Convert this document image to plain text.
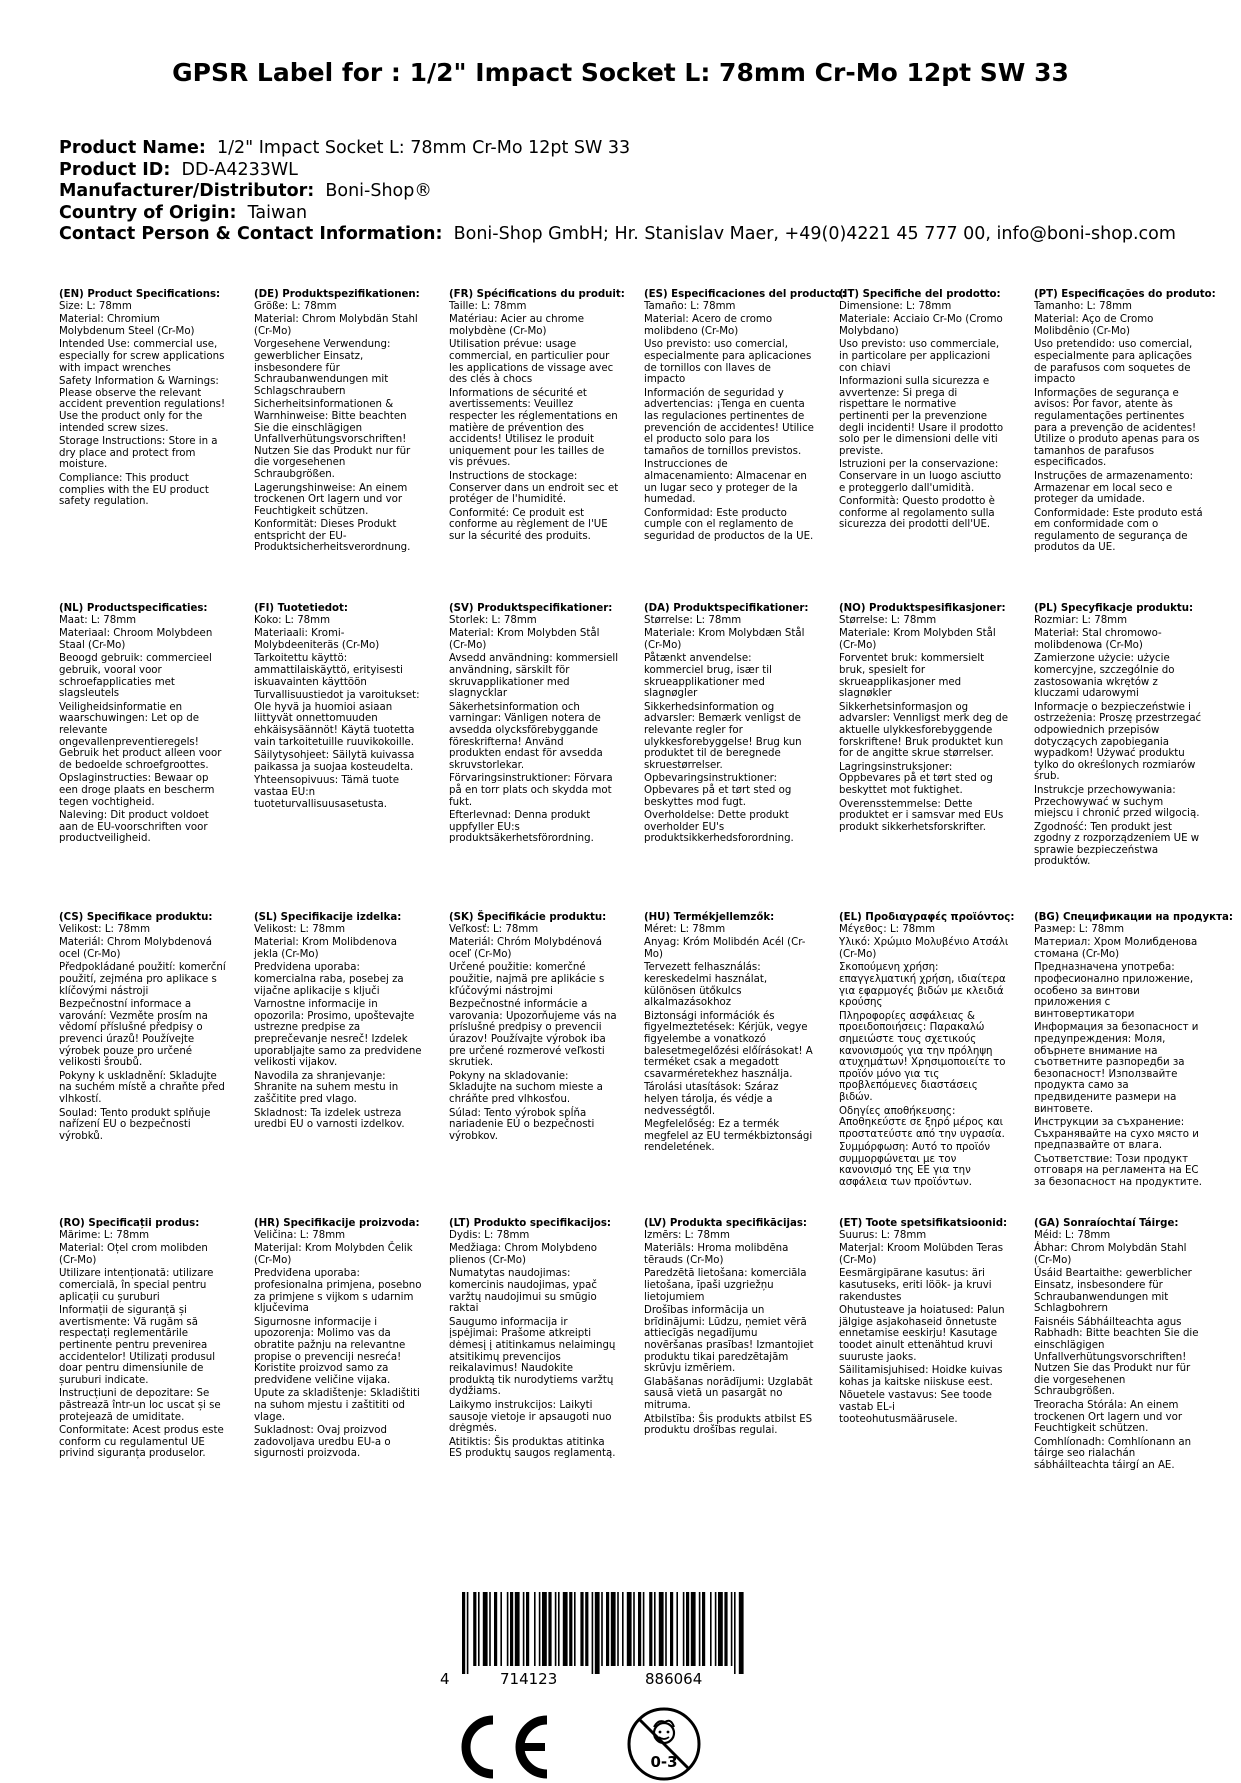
GPSR Label for : 1/2" Impact Socket L: 78mm Cr-Mo 12pt SW 33
Product Name: 1/2" Impact Socket L: 78mm Cr-Mo 12pt SW 33
Product ID: DD-A4233WL
Manufacturer/Distributor: Boni-Shop®
Country of Origin: Taiwan
Contact Person & Contact Information: Boni-Shop GmbH; Hr. Stanislav Maer, +49(0)4221 45 777 00, info@boni-shop.com
(EN) Product Specifications:
Size: L: 78mm
Material: Chromium Molybdenum Steel (Cr-Mo)
Intended Use: commercial use, especially for screw applications with impact wrenches
Safety Information & Warnings: Please observe the relevant accident prevention regulations! Use the product only for the intended screw sizes.
Storage Instructions: Store in a dry place and protect from moisture.
Compliance: This product complies with the EU product safety regulation.
(DE) Produktspezifikationen:
Größe: L: 78mm
Material: Chrom Molybdän Stahl (Cr-Mo)
Vorgesehene Verwendung: gewerblicher Einsatz, insbesondere für Schraubanwendungen mit Schlagschraubern
Sicherheitsinformationen & Warnhinweise: Bitte beachten Sie die einschlägigen Unfallverhütungsvorschriften! Nutzen Sie das Produkt nur für die vorgesehenen Schraubgrößen.
Lagerungshinweise: An einem trockenen Ort lagern und vor Feuchtigkeit schützen.
Konformität: Dieses Produkt entspricht der EU-Produktsicherheitsverordnung.
(FR) Spécifications du produit:
Taille: L: 78mm
Matériau: Acier au chrome molybdène (Cr-Mo)
Utilisation prévue: usage commercial, en particulier pour les applications de vissage avec des clés à chocs
Informations de sécurité et avertissements: Veuillez respecter les réglementations en matière de prévention des accidents! Utilisez le produit uniquement pour les tailles de vis prévues.
Instructions de stockage: Conserver dans un endroit sec et protéger de l'humidité.
Conformité: Ce produit est conforme au règlement de l'UE sur la sécurité des produits.
(ES) Especificaciones del producto:
Tamaño: L: 78mm
Material: Acero de cromo molibdeno (Cr-Mo)
Uso previsto: uso comercial, especialmente para aplicaciones de tornillos con llaves de impacto
Información de seguridad y advertencias: ¡Tenga en cuenta las regulaciones pertinentes de prevención de accidentes! Utilice el producto solo para los tamaños de tornillos previstos.
Instrucciones de almacenamiento: Almacenar en un lugar seco y proteger de la humedad.
Conformidad: Este producto cumple con el reglamento de seguridad de productos de la UE.
(IT) Specifiche del prodotto:
Dimensione: L: 78mm
Materiale: Acciaio Cr-Mo (Cromo Molybdano)
Uso previsto: uso commerciale, in particolare per applicazioni con chiavi
Informazioni sulla sicurezza e avvertenze: Si prega di rispettare le normative pertinenti per la prevenzione degli incidenti! Usare il prodotto solo per le dimensioni delle viti previste.
Istruzioni per la conservazione: Conservare in un luogo asciutto e proteggerlo dall'umidità.
Conformità: Questo prodotto è conforme al regolamento sulla sicurezza dei prodotti dell'UE.
(PT) Especificações do produto:
Tamanho: L: 78mm
Material: Aço de Cromo Molibdênio (Cr-Mo)
Uso pretendido: uso comercial, especialmente para aplicações de parafusos com soquetes de impacto
Informações de segurança e avisos: Por favor, atente às regulamentações pertinentes para a prevenção de acidentes! Utilize o produto apenas para os tamanhos de parafusos especificados.
Instruções de armazenamento: Armazenar em local seco e proteger da umidade.
Conformidade: Este produto está em conformidade com o regulamento de segurança de produtos da UE.
(NL) Productspecificaties:
Maat: L: 78mm
Materiaal: Chroom Molybdeen Staal (Cr-Mo)
Beoogd gebruik: commercieel gebruik, vooral voor schroefapplicaties met slagsleutels
Veiligheidsinformatie en waarschuwingen: Let op de relevante ongevallenpreventieregels! Gebruik het product alleen voor de bedoelde schroefgroottes.
Opslaginstructies: Bewaar op een droge plaats en bescherm tegen vochtigheid.
Naleving: Dit product voldoet aan de EU-voorschriften voor productveiligheid.
(FI) Tuotetiedot:
Koko: L: 78mm
Materiaali: Kromi-Molybdeeniteräs (Cr-Mo)
Tarkoitettu käyttö: ammattilaiskäyttö, erityisesti iskuavainten käyttöön
Turvallisuustiedot ja varoitukset: Ole hyvä ja huomioi asiaan liittyvät onnettomuuden ehkäisysäännöt! Käytä tuotetta vain tarkoitetuille ruuvikokoille.
Säilytysohjeet: Säilytä kuivassa paikassa ja suojaa kosteudelta.
Yhteensopivuus: Tämä tuote vastaa EU:n tuoteturvallisuusasetusta.
(SV) Produktspecifikationer:
Storlek: L: 78mm
Material: Krom Molybden Stål (Cr-Mo)
Avsedd användning: kommersiell användning, särskilt för skruvapplikationer med slagnycklar
Säkerhetsinformation och varningar: Vänligen notera de avsedda olycksförebyggande föreskrifterna! Använd produkten endast för avsedda skruvstorlekar.
Förvaringsinstruktioner: Förvara på en torr plats och skydda mot fukt.
Efterlevnad: Denna produkt uppfyller EU:s produktsäkerhetsförordning.
(DA) Produktspecifikationer:
Størrelse: L: 78mm
Materiale: Krom Molybdæn Stål (Cr-Mo)
Påtænkt anvendelse: kommerciel brug, især til skrueapplikationer med slagnøgler
Sikkerhedsinformation og advarsler: Bemærk venligst de relevante regler for ulykkesforebyggelse! Brug kun produktet til de beregnede skruestørrelser.
Opbevaringsinstruktioner: Opbevares på et tørt sted og beskyttes mod fugt.
Overholdelse: Dette produkt overholder EU's produktsikkerhedsforordning.
(NO) Produktspesifikasjoner:
Størrelse: L: 78mm
Materiale: Krom Molybden Stål (Cr-Mo)
Forventet bruk: kommersielt bruk, spesielt for skrueapplikasjoner med slagnøkler
Sikkerhetsinformasjon og advarsler: Vennligst merk deg de aktuelle ulykkesforebyggende forskriftene! Bruk produktet kun for de angitte skrue størrelser.
Lagringsinstruksjoner: Oppbevares på et tørt sted og beskyttet mot fuktighet.
Overensstemmelse: Dette produktet er i samsvar med EUs produkt sikkerhetsforskrifter.
(PL) Specyfikacje produktu:
Rozmiar: L: 78mm
Materiał: Stal chromowo-molibdenowa (Cr-Mo)
Zamierzone użycie: użycie komercyjne, szczególnie do zastosowania wkrętów z kluczami udarowymi
Informacje o bezpieczeństwie i ostrzeżenia: Proszę przestrzegać odpowiednich przepisów dotyczących zapobiegania wypadkom! Używać produktu tylko do określonych rozmiarów śrub.
Instrukcje przechowywania: Przechowywać w suchym miejscu i chronić przed wilgocią.
Zgodność: Ten produkt jest zgodny z rozporządzeniem UE w sprawie bezpieczeństwa produktów.
(CS) Specifikace produktu:
Velikost: L: 78mm
Materiál: Chrom Molybdenová ocel (Cr-Mo)
Předpokládané použití: komerční použití, zejména pro aplikace s klíčovými nástroji
Bezpečnostní informace a varování: Vezměte prosím na vědomí příslušné předpisy o prevenci úrazů! Používejte výrobek pouze pro určené velikosti šroubů.
Pokyny k uskladnění: Skladujte na suchém místě a chraňte před vlhkostí.
Soulad: Tento produkt splňuje nařízení EU o bezpečnosti výrobků.
(SL) Specifikacije izdelka:
Velikost: L: 78mm
Material: Krom Molibdenova jekla (Cr-Mo)
Predvidena uporaba: komercialna raba, posebej za vijačne aplikacije s ključi
Varnostne informacije in opozorila: Prosimo, upoštevajte ustrezne predpise za preprečevanje nesreč! Izdelek uporabljajte samo za predvidene velikosti vijakov.
Navodila za shranjevanje: Shranite na suhem mestu in zaščitite pred vlago.
Skladnost: Ta izdelek ustreza uredbi EU o varnosti izdelkov.
(SK) Špecifikácie produktu:
Veľkosť: L: 78mm
Materiál: Chróm Molybdénová oceľ (Cr-Mo)
Určené použitie: komerčné použitie, najmä pre aplikácie s kľúčovými nástrojmi
Bezpečnostné informácie a varovania: Upozorňujeme vás na príslušné predpisy o prevencii úrazov! Používajte výrobok iba pre určené rozmerové veľkosti skrutiek.
Pokyny na skladovanie: Skladujte na suchom mieste a chráňte pred vlhkosťou.
Súlad: Tento výrobok spĺňa nariadenie EÚ o bezpečnosti výrobkov.
(HU) Termékjellemzők:
Méret: L: 78mm
Anyag: Króm Molibdén Acél (Cr-Mo)
Tervezett felhasználás: kereskedelmi használat, különösen ütőkulcs alkalmazásokhoz
Biztonsági információk és figyelmeztetések: Kérjük, vegye figyelembe a vonatkozó balesetmegelőzési előírásokat! A terméket csak a megadott csavarméretekhez használja.
Tárolási utasítások: Száraz helyen tárolja, és védje a nedvességtől.
Megfelelőség: Ez a termék megfelel az EU termékbiztonsági rendeletének.
(EL) Προδιαγραφές προϊόντος:
Μέγεθος: L: 78mm
Υλικό: Χρώμιο Μολυβένιο Ατσάλι (Cr-Mo)
Σκοπούμενη χρήση: επαγγελματική χρήση, ιδιαίτερα για εφαρμογές βιδών με κλειδιά κρούσης
Πληροφορίες ασφάλειας & προειδοποιήσεις: Παρακαλώ σημειώστε τους σχετικούς κανονισμούς για την πρόληψη ατυχημάτων! Χρησιμοποιείτε το προϊόν μόνο για τις προβλεπόμενες διαστάσεις βιδών.
Οδηγίες αποθήκευσης: Αποθηκεύστε σε ξηρό μέρος και προστατεύστε από την υγρασία.
Συμμόρφωση: Αυτό το προϊόν συμμορφώνεται με τον κανονισμό της ΕΕ για την ασφάλεια των προϊόντων.
(BG) Спецификации на продукта:
Размер: L: 78mm
Материал: Хром Молибденова стомана (Cr-Mo)
Предназначена употреба: професионално приложение, особено за винтови приложения с винтовертикатори
Информация за безопасност и предупреждения: Моля, обърнете внимание на съответните разпоредби за безопасност! Използвайте продукта само за предвидените размери на винтовете.
Инструкции за съхранение: Съхранявайте на сухо място и предпазвайте от влага.
Съответствие: Този продукт отговаря на регламента на ЕС за безопасност на продуктите.
(RO) Specificații produs:
Mărime: L: 78mm
Material: Oțel crom molibden (Cr-Mo)
Utilizare intenționată: utilizare comercială, în special pentru aplicații cu șuruburi
Informații de siguranță și avertismente: Vă rugăm să respectați reglementările pertinente pentru prevenirea accidentelor! Utilizați produsul doar pentru dimensiunile de șuruburi indicate.
Instrucțiuni de depozitare: Se păstrează într-un loc uscat și se protejează de umiditate.
Conformitate: Acest produs este conform cu regulamentul UE privind siguranța produselor.
(HR) Specifikacije proizvoda:
Veličina: L: 78mm
Materijal: Krom Molybden Čelik (Cr-Mo)
Predviđena uporaba: profesionalna primjena, posebno za primjene s vijkom s udarnim ključevima
Sigurnosne informacije i upozorenja: Molimo vas da obratite pažnju na relevantne propise o prevenciji nesreća! Koristite proizvod samo za predviđene veličine vijaka.
Upute za skladištenje: Skladištiti na suhom mjestu i zaštititi od vlage.
Sukladnost: Ovaj proizvod zadovoljava uredbu EU-a o sigurnosti proizvoda.
(LT) Produkto specifikacijos:
Dydis: L: 78mm
Medžiaga: Chrom Molybdeno plienos (Cr-Mo)
Numatytas naudojimas: komercinis naudojimas, ypač varžtų naudojimui su smūgio raktai
Saugumo informacija ir įspėjimai: Prašome atkreipti dėmesį į atitinkamus nelaimingų atsitikimų prevencijos reikalavimus! Naudokite produktą tik nurodytiems varžtų dydžiams.
Laikymo instrukcijos: Laikyti sausoje vietoje ir apsaugoti nuo drėgmės.
Atitiktis: Šis produktas atitinka ES produktų saugos reglamentą.
(LV) Produkta specifikācijas:
Izmērs: L: 78mm
Materiāls: Hroma molibdēna tērauds (Cr-Mo)
Paredzētā lietošana: komerciāla lietošana, īpaši uzgriežņu lietojumiem
Drošības informācija un brīdinājumi: Lūdzu, ņemiet vērā attiecīgās negadījumu novēršanas prasības! Izmantojiet produktu tikai paredzētajām skrūvju izmēriem.
Glabāšanas norādījumi: Uzglabāt sausā vietā un pasargāt no mitruma.
Atbilstība: Šis produkts atbilst ES produktu drošības regulai.
(ET) Toote spetsifikatsioonid:
Suurus: L: 78mm
Materjal: Kroom Molübden Teras (Cr-Mo)
Eesmärgipärane kasutus: äri kasutuseks, eriti löök- ja kruvi rakendustes
Ohutusteave ja hoiatused: Palun jälgige asjakohaseid õnnetuste ennetamise eeskirju! Kasutage toodet ainult ettenähtud kruvi suuruste jaoks.
Säilitamisjuhised: Hoidke kuivas kohas ja kaitske niiskuse eest.
Nõuetele vastavus: See toode vastab EL-i tooteohutusmäärusele.
(GA) Sonraíochtaí Táirge:
Méid: L: 78mm
Ábhar: Chrom Molybdän Stahl (Cr-Mo)
Úsáid Beartaithe: gewerblicher Einsatz, insbesondere für Schraubanwendungen mit Schlagbohrern
Faisnéis Sábháilteachta agus Rabhadh: Bitte beachten Sie die einschlägigen Unfallverhütungsvorschriften! Nutzen Sie das Produkt nur für die vorgesehenen Schraubgrößen.
Treoracha Stórála: An einem trockenen Ort lagern und vor Feuchtigkeit schützen.
Comhlíonadh: Comhlíonann an táirge seo rialachán sábháilteachta táirgí an AE.
4	714123	886064
0-3
